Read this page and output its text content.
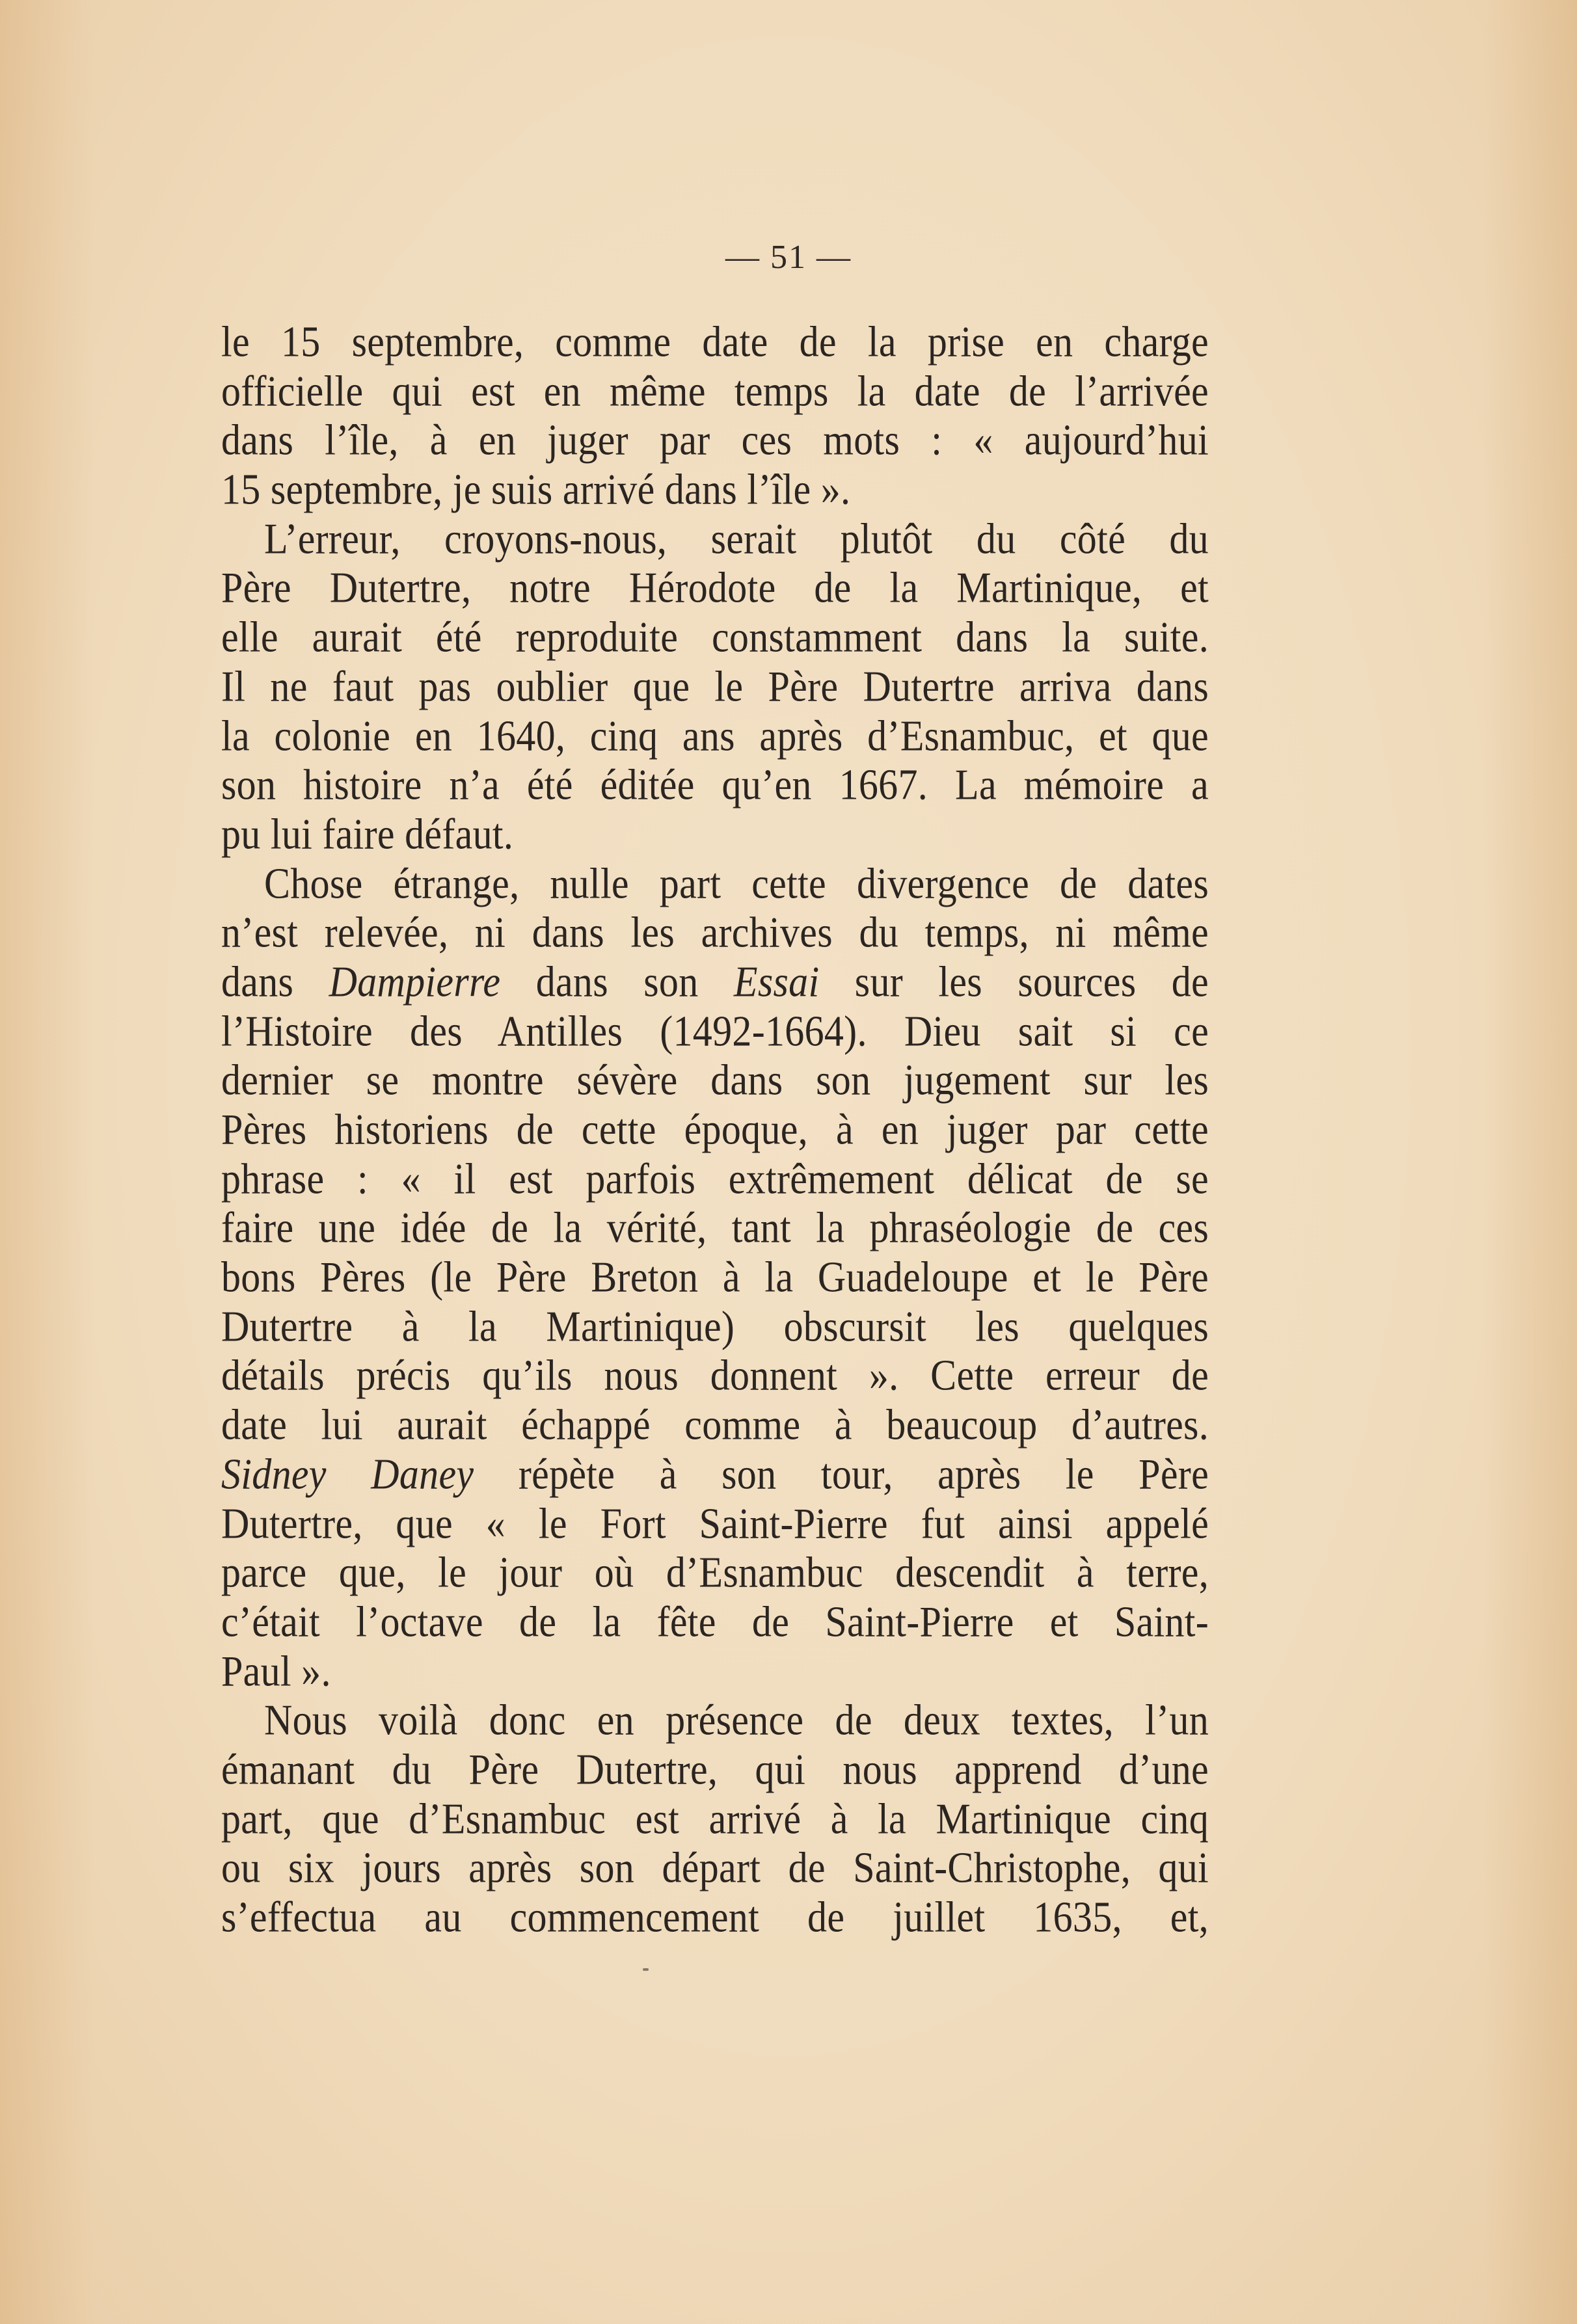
— 51 —
le 15 septembre, comme date de la prise en charge
officielle qui est en même temps la date de l’arrivée
dans l’île, à en juger par ces mots : « aujourd’hui
15 septembre, je suis arrivé dans l’île ».
L’erreur, croyons-nous, serait plutôt du côté du
Père Dutertre, notre Hérodote de la Martinique, et
elle aurait été reproduite constamment dans la suite.
Il ne faut pas oublier que le Père Dutertre arriva dans
la colonie en 1640, cinq ans après d’Esnambuc, et que
son histoire n’a été éditée qu’en 1667. La mémoire a
pu lui faire défaut.
Chose étrange, nulle part cette divergence de dates
n’est relevée, ni dans les archives du temps, ni même
dans Dampierre dans son Essai sur les sources de
l’Histoire des Antilles (1492-1664). Dieu sait si ce
dernier se montre sévère dans son jugement sur les
Pères historiens de cette époque, à en juger par cette
phrase : « il est parfois extrêmement délicat de se
faire une idée de la vérité, tant la phraséologie de ces
bons Pères (le Père Breton à la Guadeloupe et le Père
Dutertre à la Martinique) obscursit les quelques
détails précis qu’ils nous donnent ». Cette erreur de
date lui aurait échappé comme à beaucoup d’autres.
Sidney Daney répète à son tour, après le Père
Dutertre, que « le Fort Saint-Pierre fut ainsi appelé
parce que, le jour où d’Esnambuc descendit à terre,
c’était l’octave de la fête de Saint-Pierre et Saint-
Paul ».
Nous voilà donc en présence de deux textes, l’un
émanant du Père Dutertre, qui nous apprend d’une
part, que d’Esnambuc est arrivé à la Martinique cinq
ou six jours après son départ de Saint-Christophe, qui
s’effectua au commencement de juillet 1635, et,
